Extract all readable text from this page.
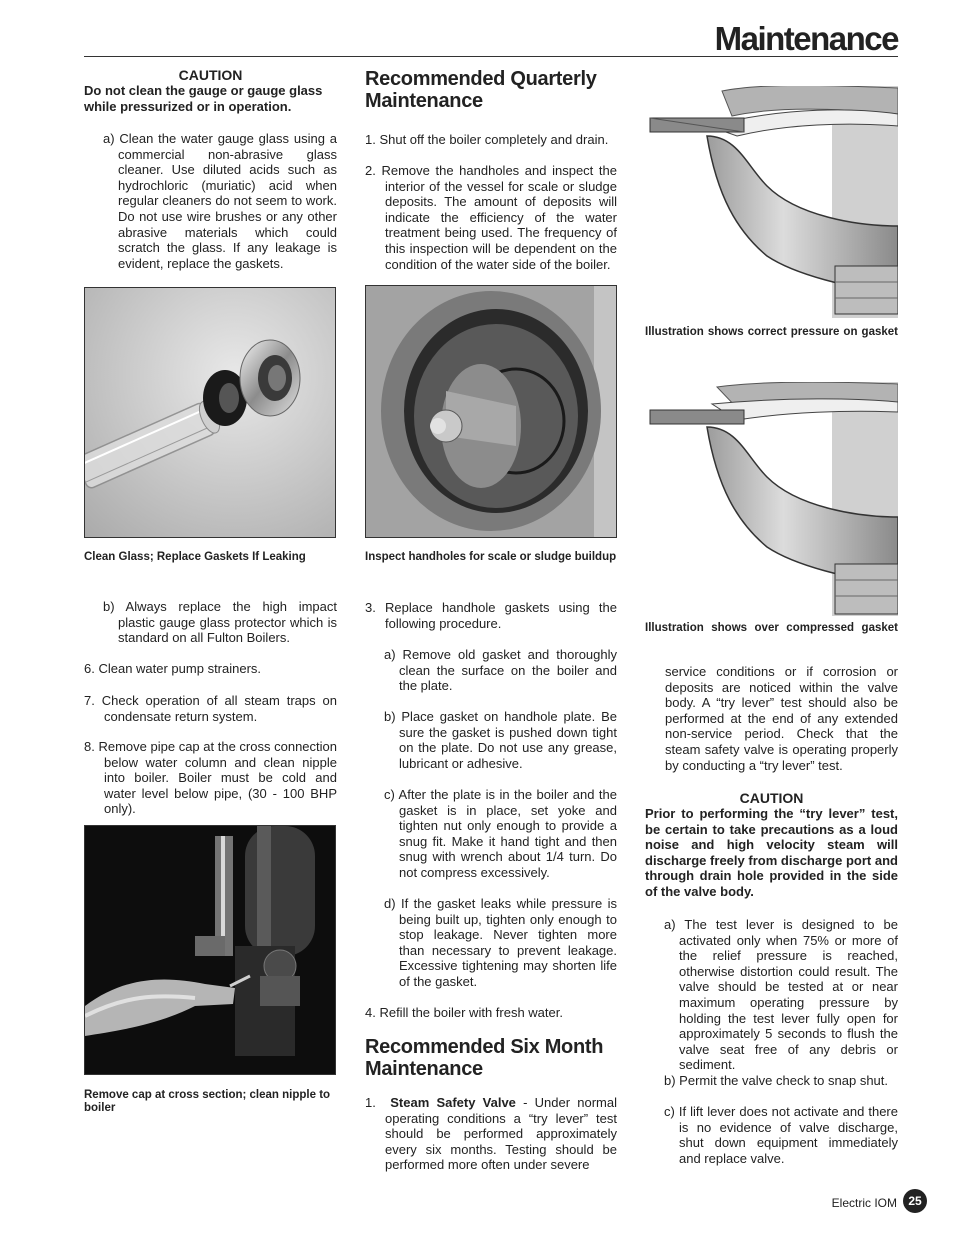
Maintenance
CAUTION
Do not clean the gauge or gauge glass while pressurized or in operation.

a) Clean the water gauge glass using a commercial non-abrasive glass cleaner. Use diluted acids such as hydrochloric (muriatic) acid when regular cleaners do not seem to work. Do not use wire brushes or any other abrasive materials which could scratch the glass. If any leakage is evident, replace the gaskets.

Clean Glass; Replace Gaskets If Leaking

b) Always replace the high impact plastic gauge glass protector which is standard on all Fulton Boilers.

6. Clean water pump strainers.

7. Check operation of all steam traps on condensate return system.

8. Remove pipe cap at the cross connection below water column and clean nipple into boiler. Boiler must be cold and water level below pipe, (30 - 100 BHP only).

Remove cap at cross section; clean nipple to boiler
Recommended Quarterly Maintenance

1. Shut off the boiler completely and drain.

2. Remove the handholes and inspect the interior of the vessel for scale or sludge deposits. The amount of deposits will indicate the efficiency of the water treatment being used. The frequency of this inspection will be dependent on the condition of the water side of the boiler.

Inspect handholes for scale or sludge buildup

3. Replace handhole gaskets using the following procedure.

a) Remove old gasket and thoroughly clean the surface on the boiler and the plate.

b) Place gasket on handhole plate. Be sure the gasket is pushed down tight on the plate. Do not use any grease, lubricant or adhesive.

c) After the plate is in the boiler and the gasket is in place, set yoke and tighten nut only enough to provide a snug fit. Make it hand tight and then snug with wrench about 1/4 turn. Do not compress excessively.

d) If the gasket leaks while pressure is being built up, tighten only enough to stop leakage. Never tighten more than necessary to prevent leakage. Excessive tightening may shorten life of the gasket.

4. Refill the boiler with fresh water.

Recommended Six Month Maintenance

1. Steam Safety Valve - Under normal operating conditions a “try lever” test should be performed approximately every six months. Testing should be performed more often under severe

Illustration shows correct pressure on gasket
Illustration shows over compressed gasket

service conditions or if corrosion or deposits are noticed within the valve body. A “try lever” test should also be performed at the end of any extended non-service period. Check that the steam safety valve is operating properly by conducting a “try lever” test.

CAUTION
Prior to performing the “try lever” test, be certain to take precautions as a loud noise and high velocity steam will discharge freely from discharge port and through drain hole provided in the side of the valve body.

a) The test lever is designed to be activated only when 75% or more of the relief pressure is reached, otherwise distortion could result. The valve should be tested at or near maximum operating pressure by holding the test lever fully open for approximately 5 seconds to flush the valve seat free of any debris or sediment.

b) Permit the valve check to snap shut.

c) If lift lever does not activate and there is no evidence of valve discharge, shut down equipment immediately and replace valve.

Electric IOM 25
